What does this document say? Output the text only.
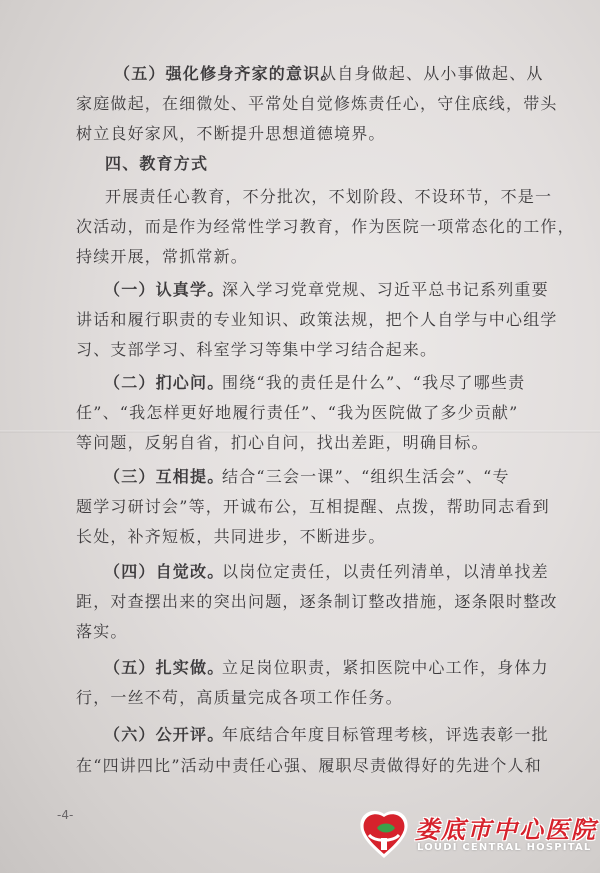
（五）强化修身齐家的意识。
从自身做起、从小事做起、从
家庭做起，在细微处、平常处自觉修炼责任心，守住底线，带头
树立良好家风，不断提升思想道德境界。
四、教育方式
开展责任心教育，不分批次，不划阶段、不设环节，不是一
次活动，而是作为经常性学习教育，作为医院一项常态化的工作，
持续开展，常抓常新。
（一）认真学。
深入学习党章党规、习近平总书记系列重要
讲话和履行职责的专业知识、政策法规，把个人自学与中心组学
习、支部学习、科室学习等集中学习结合起来。
（二）扪心问。
围绕“我的责任是什么”、“我尽了哪些责
任”、“我怎样更好地履行责任”、“我为医院做了多少贡献”
等问题，反躬自省，扪心自问，找出差距，明确目标。
（三）互相提。
结合“三会一课”、“组织生活会”、“专
题学习研讨会”等，开诚布公，互相提醒、点拨，帮助同志看到
长处，补齐短板，共同进步，不断进步。
（四）自觉改。
以岗位定责任，以责任列清单，以清单找差
距，对查摆出来的突出问题，逐条制订整改措施，逐条限时整改
落实。
（五）扎实做。
立足岗位职责，紧扣医院中心工作，身体力
行，一丝不苟，高质量完成各项工作任务。
（六）公开评。
年底结合年度目标管理考核，评选表彰一批
在“四讲四比”活动中责任心强、履职尽责做得好的先进个人和
-4-
娄底市中心医院
LOUDI CENTRAL HOSPITAL
